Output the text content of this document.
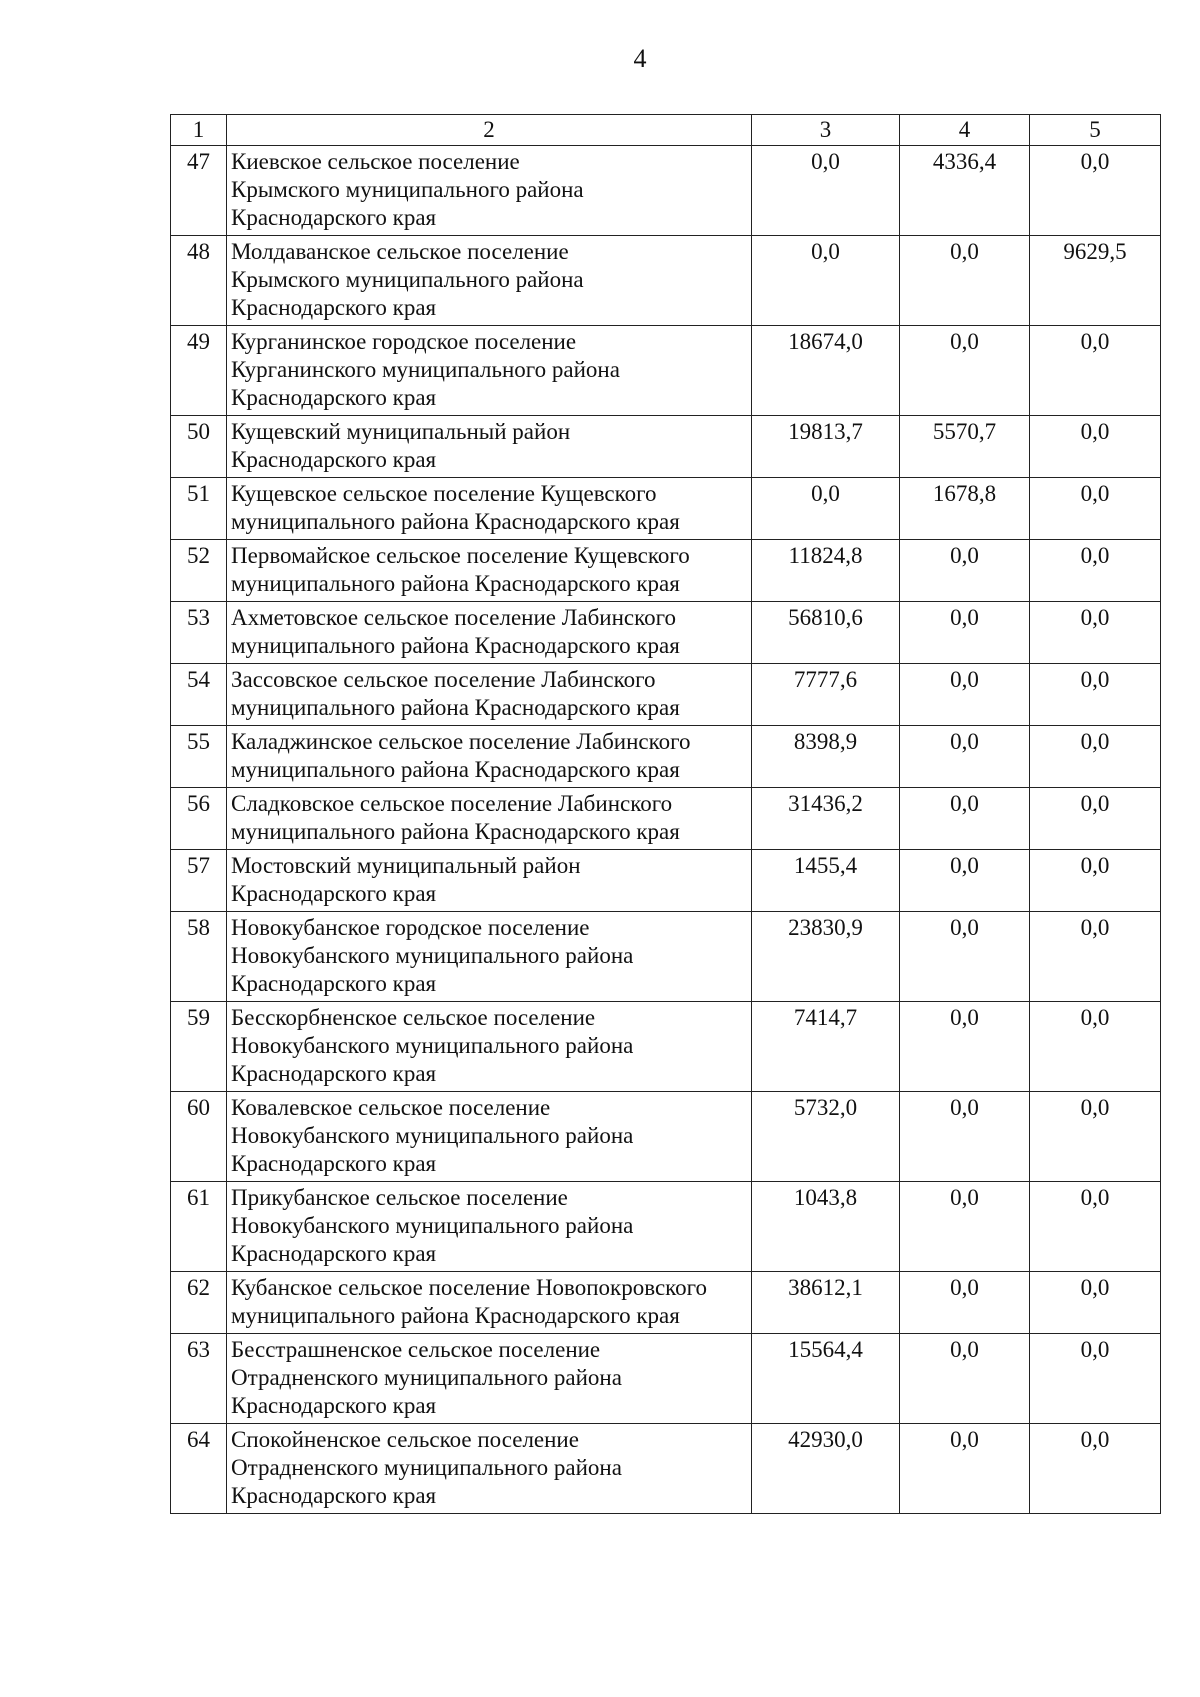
4
1	2	3	4	5
47	Киевское сельское поселение
Крымского муниципального района
Краснодарского края	0,0	4336,4	0,0
48	Молдаванское сельское поселение
Крымского муниципального района
Краснодарского края	0,0	0,0	9629,5
49	Курганинское городское поселение
Курганинского муниципального района
Краснодарского края	18674,0	0,0	0,0
50	Кущевский муниципальный район
Краснодарского края	19813,7	5570,7	0,0
51	Кущевское сельское поселение Кущевского
муниципального района Краснодарского края	0,0	1678,8	0,0
52	Первомайское сельское поселение Кущевского
муниципального района Краснодарского края	11824,8	0,0	0,0
53	Ахметовское сельское поселение Лабинского
муниципального района Краснодарского края	56810,6	0,0	0,0
54	Зассовское сельское поселение Лабинского
муниципального района Краснодарского края	7777,6	0,0	0,0
55	Каладжинское сельское поселение Лабинского
муниципального района Краснодарского края	8398,9	0,0	0,0
56	Сладковское сельское поселение Лабинского
муниципального района Краснодарского края	31436,2	0,0	0,0
57	Мостовский муниципальный район
Краснодарского края	1455,4	0,0	0,0
58	Новокубанское городское поселение
Новокубанского муниципального района
Краснодарского края	23830,9	0,0	0,0
59	Бесскорбненское сельское поселение
Новокубанского муниципального района
Краснодарского края	7414,7	0,0	0,0
60	Ковалевское сельское поселение
Новокубанского муниципального района
Краснодарского края	5732,0	0,0	0,0
61	Прикубанское сельское поселение
Новокубанского муниципального района
Краснодарского края	1043,8	0,0	0,0
62	Кубанское сельское поселение Новопокровского
муниципального района Краснодарского края	38612,1	0,0	0,0
63	Бесстрашненское сельское поселение
Отрадненского муниципального района
Краснодарского края	15564,4	0,0	0,0
64	Спокойненское сельское поселение
Отрадненского муниципального района
Краснодарского края	42930,0	0,0	0,0
